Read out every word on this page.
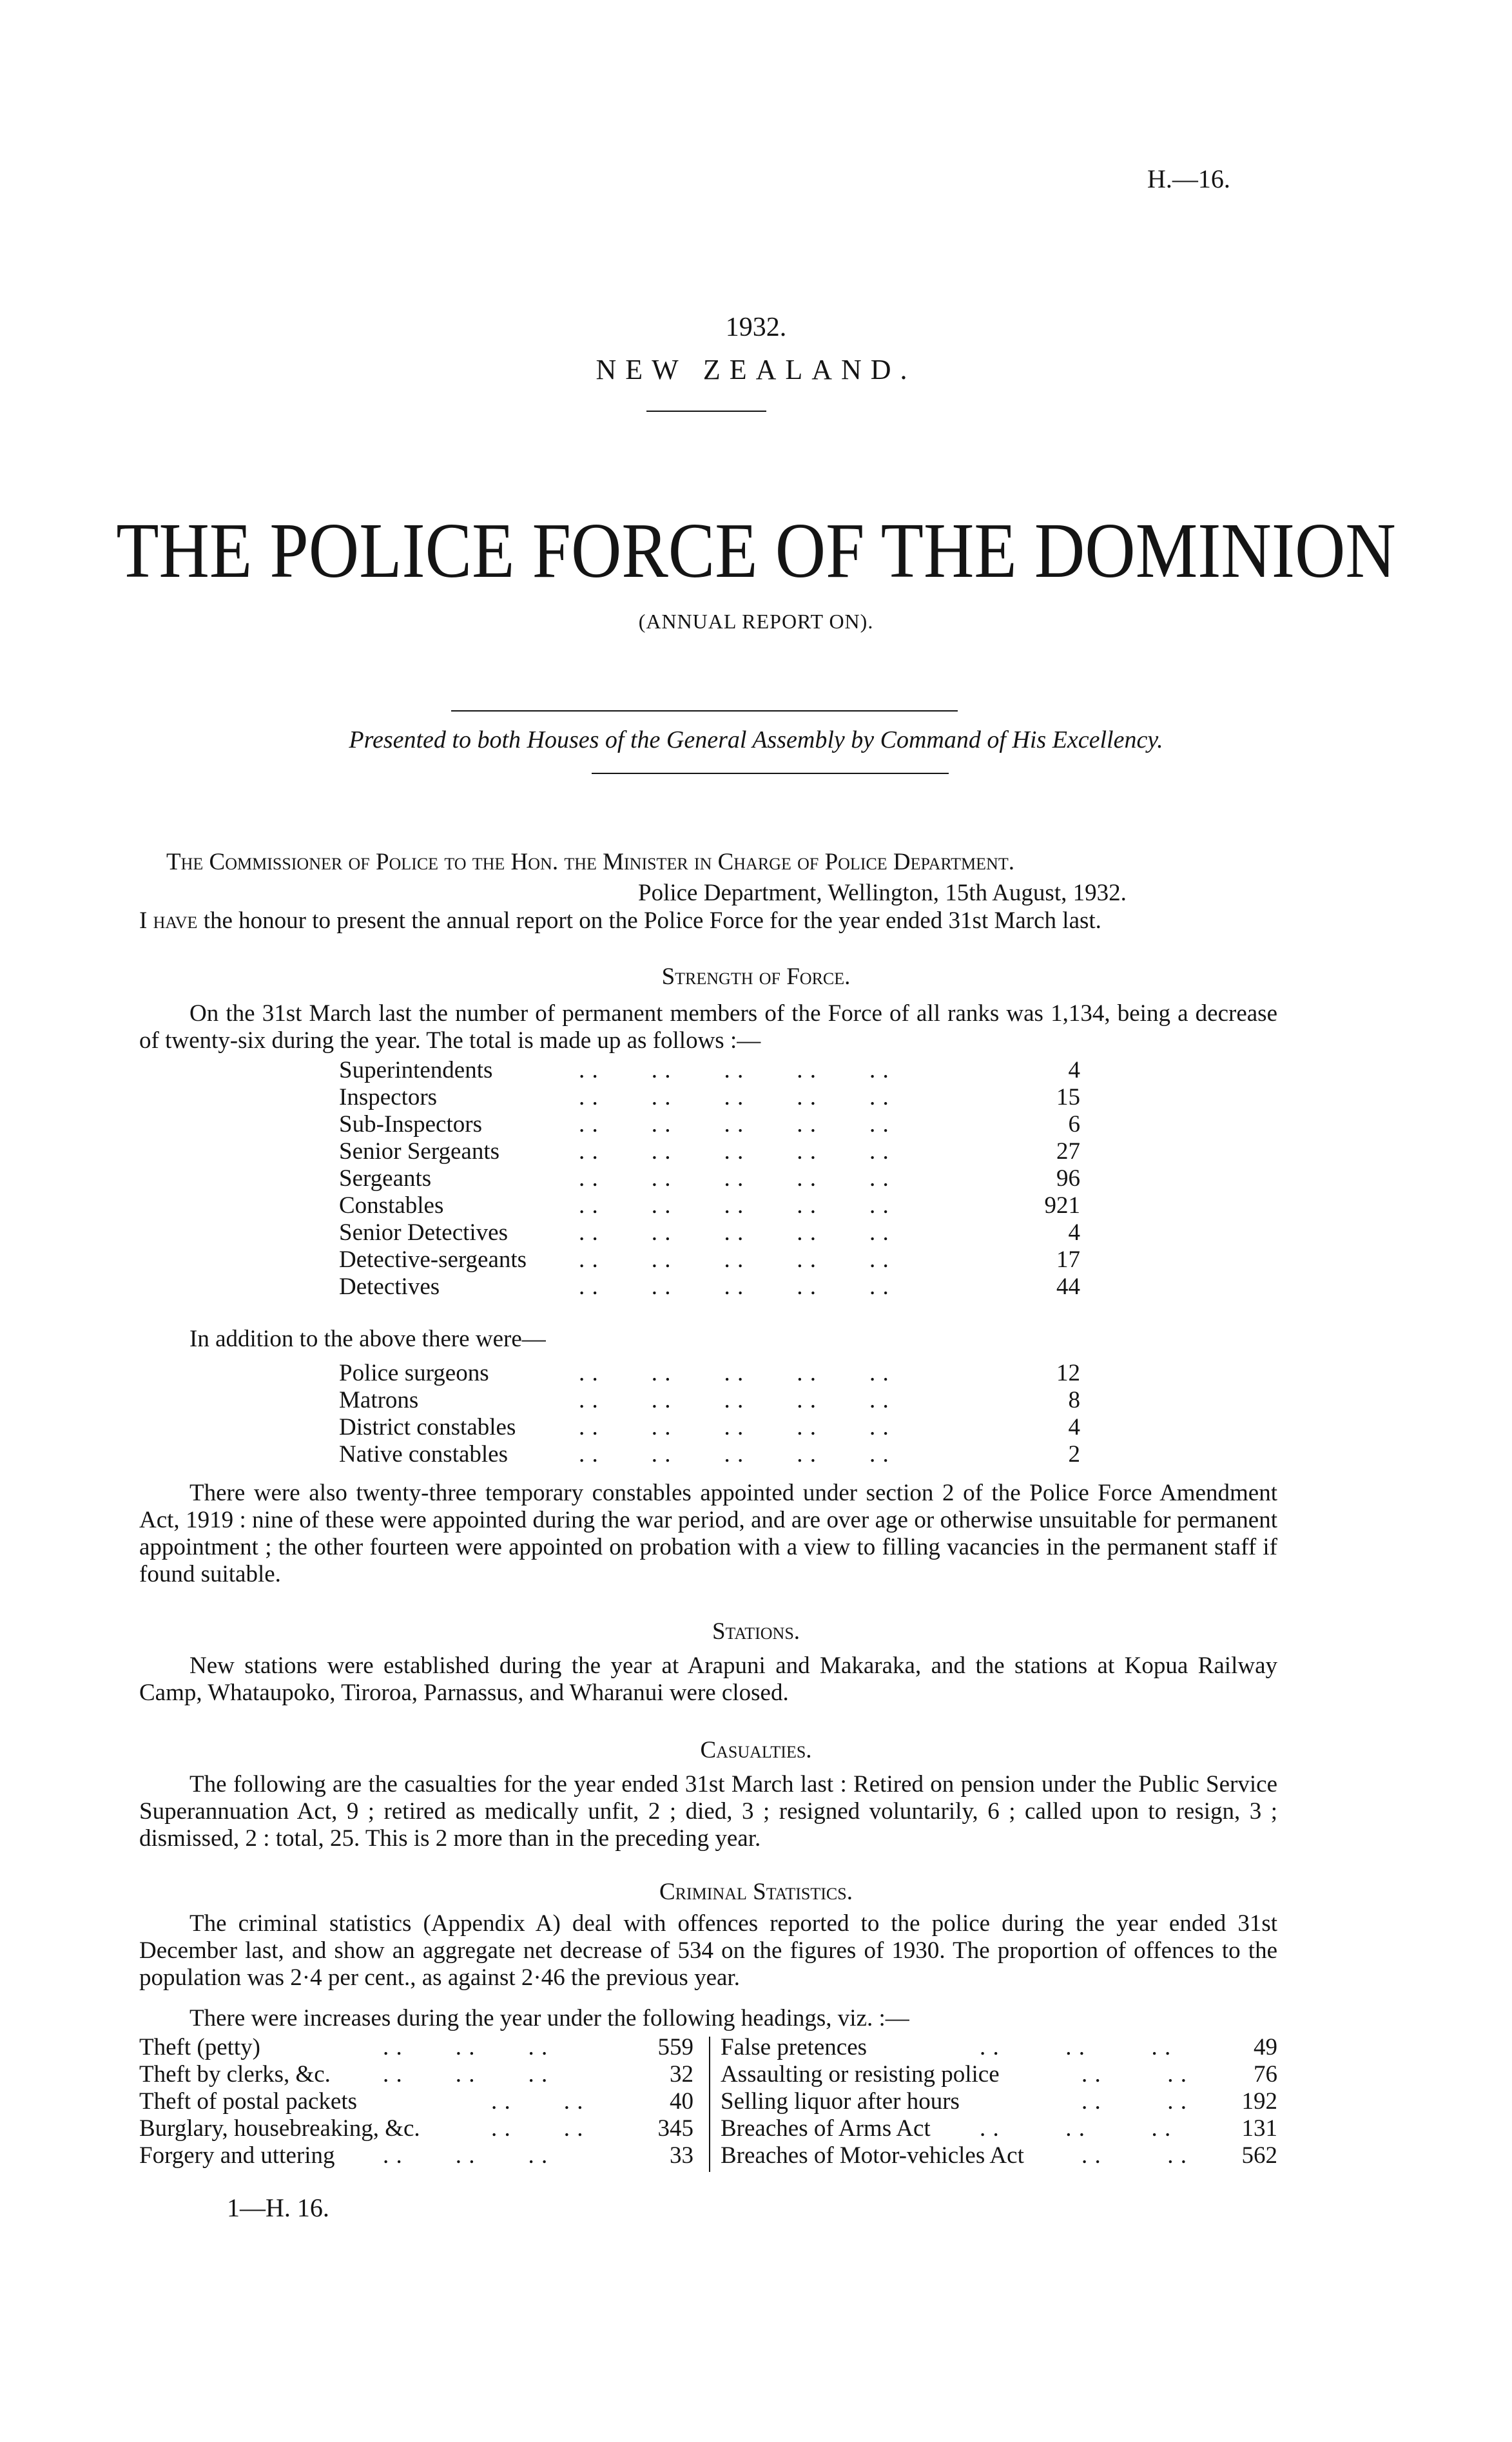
H.—16.
1932.
NEW ZEALAND.
THE POLICE FORCE OF THE DOMINION
(ANNUAL REPORT ON).
Presented to both Houses of the General Assembly by Command of His Excellency.
The Commissioner of Police to the Hon. the Minister in Charge of Police Department.
Police Department, Wellington, 15th August, 1932.
I have the honour to present the annual report on the Police Force for the year ended 31st March last.
Strength of Force.
On the 31st March last the number of permanent members of the Force of all ranks was 1,134, being a decrease of twenty-six during the year. The total is made up as follows :—
Superintendents	. .        . .        . .        . .        . .	4
Inspectors	. .        . .        . .        . .        . .	15
Sub-Inspectors	. .        . .        . .        . .        . .	6
Senior Sergeants	. .        . .        . .        . .        . .	27
Sergeants	. .        . .        . .        . .        . .	96
Constables	. .        . .        . .        . .        . .	921
Senior Detectives	. .        . .        . .        . .        . .	4
Detective-sergeants . .        . .        . .        . .        . .	17
Detectives	. .        . .        . .        . .        . .	44
In addition to the above there were—
Police surgeons	. .        . .        . .        . .        . .	12
Matrons	. .        . .        . .        . .        . .	8
District constables	. .        . .        . .        . .        . .	4
Native constables	. .        . .        . .        . .        . .	2
There were also twenty-three temporary constables appointed under section 2 of the Police Force Amendment Act, 1919 : nine of these were appointed during the war period, and are over age or otherwise unsuitable for permanent appointment ; the other fourteen were appointed on probation with a view to filling vacancies in the permanent staff if found suitable.
Stations.
New stations were established during the year at Arapuni and Makaraka, and the stations at Kopua Railway Camp, Whataupoko, Tiroroa, Parnassus, and Wharanui were closed.
Casualties.
The following are the casualties for the year ended 31st March last : Retired on pension under the Public Service Superannuation Act, 9 ; retired as medically unfit, 2 ; died, 3 ; resigned voluntarily, 6 ; called upon to resign, 3 ; dismissed, 2 : total, 25. This is 2 more than in the preceding year.
Criminal Statistics.
The criminal statistics (Appendix A) deal with offences reported to the police during the year ended 31st December last, and show an aggregate net decrease of 534 on the figures of 1930. The proportion of offences to the population was 2·4 per cent., as against 2·46 the previous year.
There were increases during the year under the following headings, viz. :—
Theft (petty)	. .        . .        . .	559
Theft by clerks, &c. . .        . .        . .	32
Theft of postal packets	. .        . .	40
Burglary, housebreaking, &c.	. .        . .	345
Forgery and uttering . .        . .        . .	33
False pretences	. .          . .          . .	49
Assaulting or resisting police	. .          . .	76
Selling liquor after hours	. .          . .	192
Breaches of Arms Act . .          . .          . .	131
Breaches of Motor-vehicles Act . .          . .	562
1—H. 16.
